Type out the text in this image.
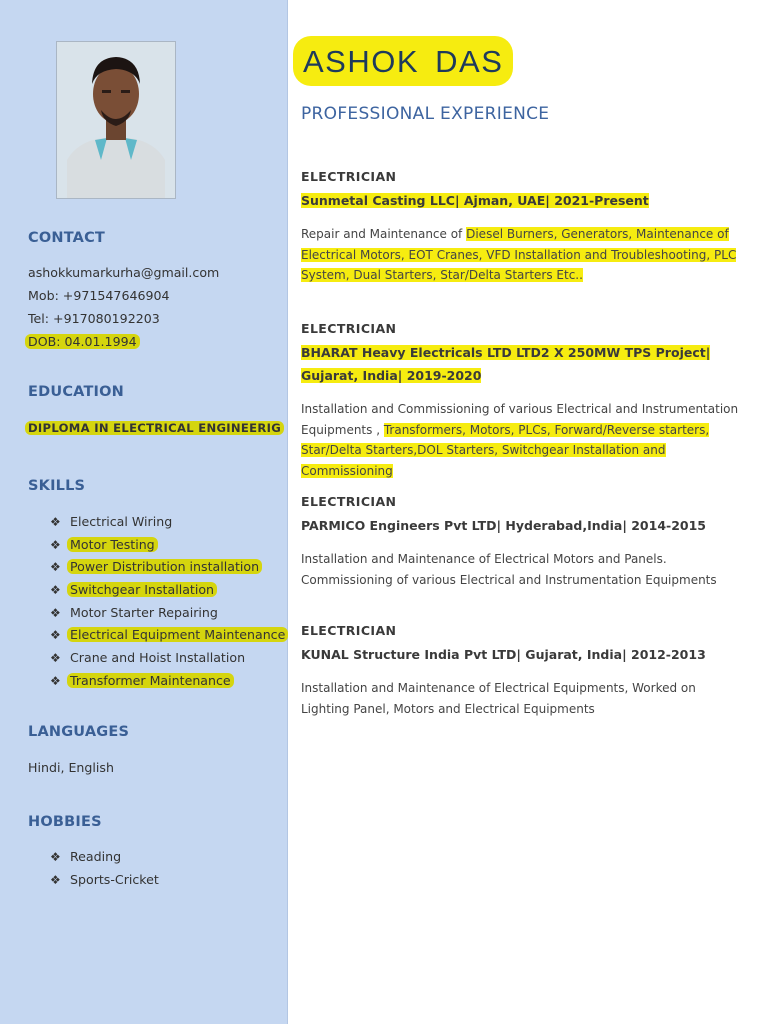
CONTACT
ashokkumarkurha@gmail.com
Mob: +971547646904
Tel: +917080192203
DOB: 04.01.1994
EDUCATION
DIPLOMA IN ELECTRICAL ENGINEERIG
SKILLS
❖ Electrical Wiring
❖ Motor Testing
❖ Power Distribution installation
❖ Switchgear Installation
❖ Motor Starter Repairing
❖ Electrical Equipment Maintenance
❖ Crane and Hoist Installation
❖ Transformer Maintenance
LANGUAGES
Hindi, English
HOBBIES
❖ Reading
❖ Sports-Cricket
ASHOK DAS
PROFESSIONAL EXPERIENCE
ELECTRICIAN
Sunmetal Casting LLC| Ajman, UAE| 2021-Present
Repair and Maintenance of Diesel Burners, Generators, Maintenance of Electrical Motors, EOT Cranes, VFD Installation and Troubleshooting, PLC System, Dual Starters, Star/Delta Starters Etc..
ELECTRICIAN
BHARAT Heavy Electricals LTD LTD2 X 250MW TPS Project| Gujarat, India| 2019-2020
Installation and Commissioning of various Electrical and Instrumentation Equipments , Transformers, Motors, PLCs, Forward/Reverse starters, Star/Delta Starters,DOL Starters, Switchgear Installation and Commissioning
ELECTRICIAN
PARMICO Engineers Pvt LTD| Hyderabad,India| 2014-2015
Installation and Maintenance of Electrical Motors and Panels. Commissioning of various Electrical and Instrumentation Equipments
ELECTRICIAN
KUNAL Structure India Pvt LTD| Gujarat, India| 2012-2013
Installation and Maintenance of Electrical Equipments, Worked on Lighting Panel, Motors and Electrical Equipments
